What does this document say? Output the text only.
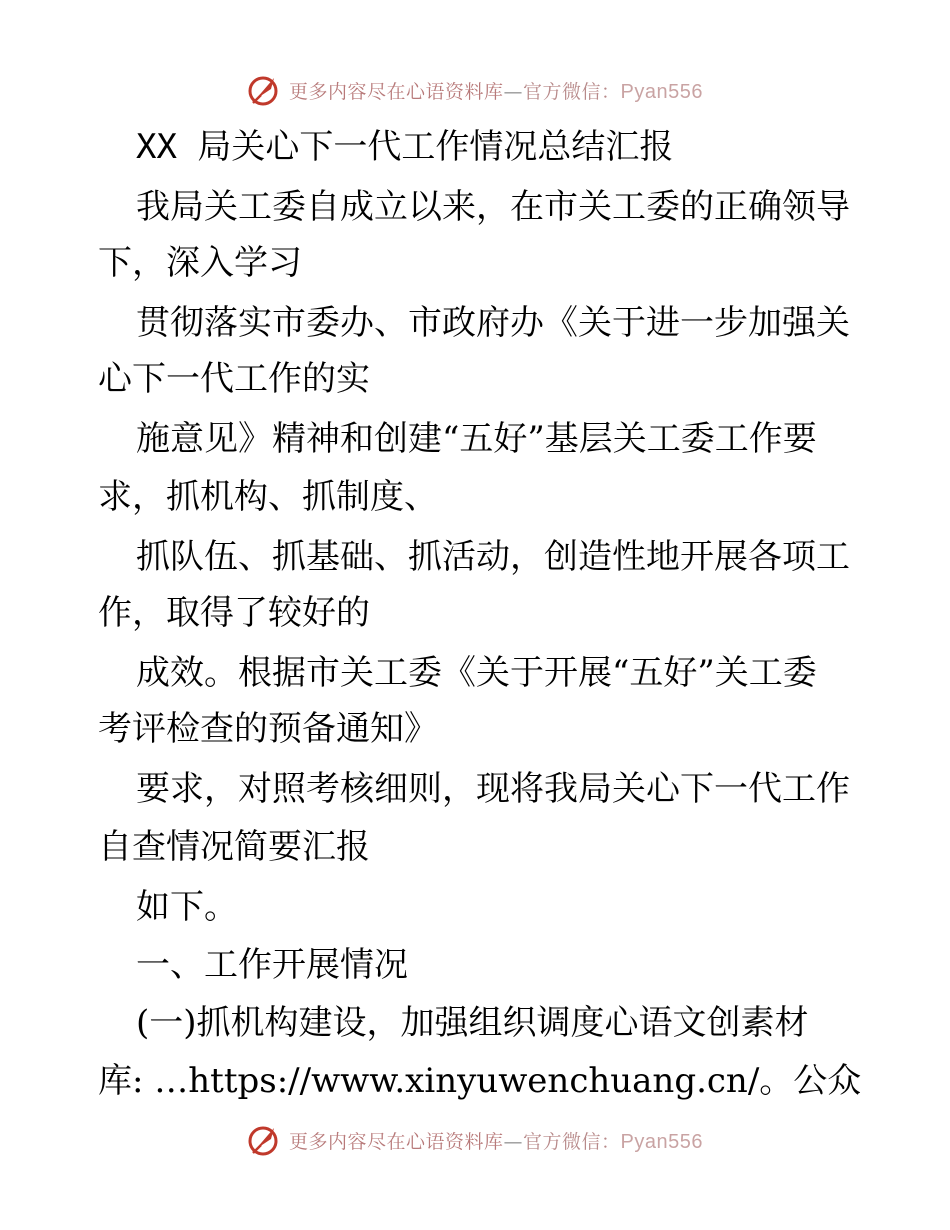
更多内容尽在心语资料库—官方微信：Pyan556
XX 局关心下一代工作情况总结汇报
我局关工委自成立以来，在市关工委的正确领导
下，深入学习
贯彻落实市委办、市政府办《关于进一步加强关
心下一代工作的实
施意见》精神和创建“五好”基层关工委工作要
求，抓机构、抓制度、
抓队伍、抓基础、抓活动，创造性地开展各项工
作，取得了较好的
成效。根据市关工委《关于开展“五好”关工委
考评检查的预备通知》
要求，对照考核细则，现将我局关心下一代工作
自查情况简要汇报
如下。
一、工作开展情况
(一)抓机构建设，加强组织调度心语文创素材
库: …https://www.xinyuwenchuang.cn/。公众
更多内容尽在心语资料库—官方微信：Pyan556
